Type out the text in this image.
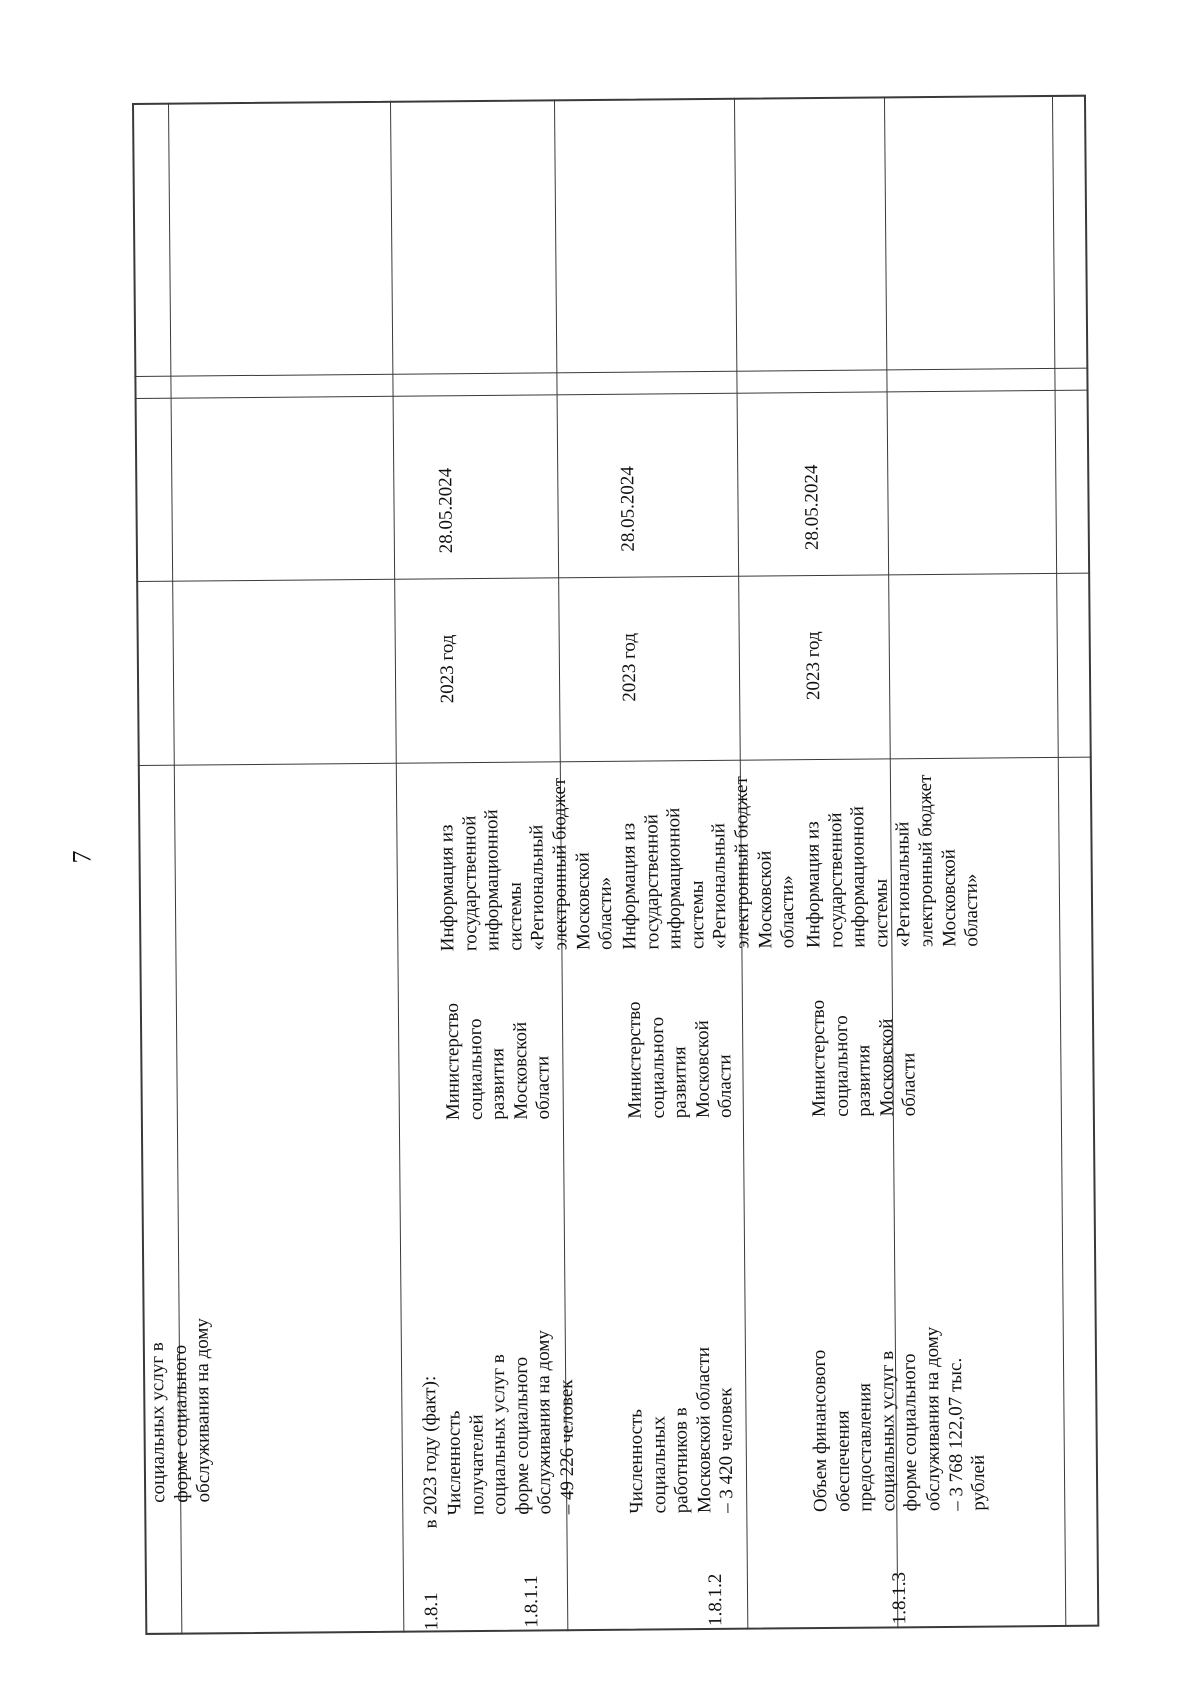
7
социальных услуг в
форме социального
обслуживания на дому
1.8.1
в 2023 году (факт):
1.8.1.1
Численность
получателей
социальных услуг в
форме социального
обслуживания на дому
– 49 226 человек
Министерство
социального
развития
Московской
области
Информация из
государственной
информационной
системы
«Региональный
электронный бюджет
Московской области»
2023 год
28.05.2024
1.8.1.2
Численность
социальных
работников в
Московской области
– 3 420 человек
Министерство
социального
развития
Московской
области
Информация из
государственной
информационной
системы
«Региональный
электронный бюджет
Московской области»
2023 год
28.05.2024
1.8.1.3
Объем финансового
обеспечения
предоставления
социальных услуг в
форме социального
обслуживания на дому
– 3 768 122,07 тыс.
рублей
Министерство
социального
развития
Московской
области
Информация из
государственной
информационной
системы
«Региональный
электронный бюджет
Московской области»
2023 год
28.05.2024
